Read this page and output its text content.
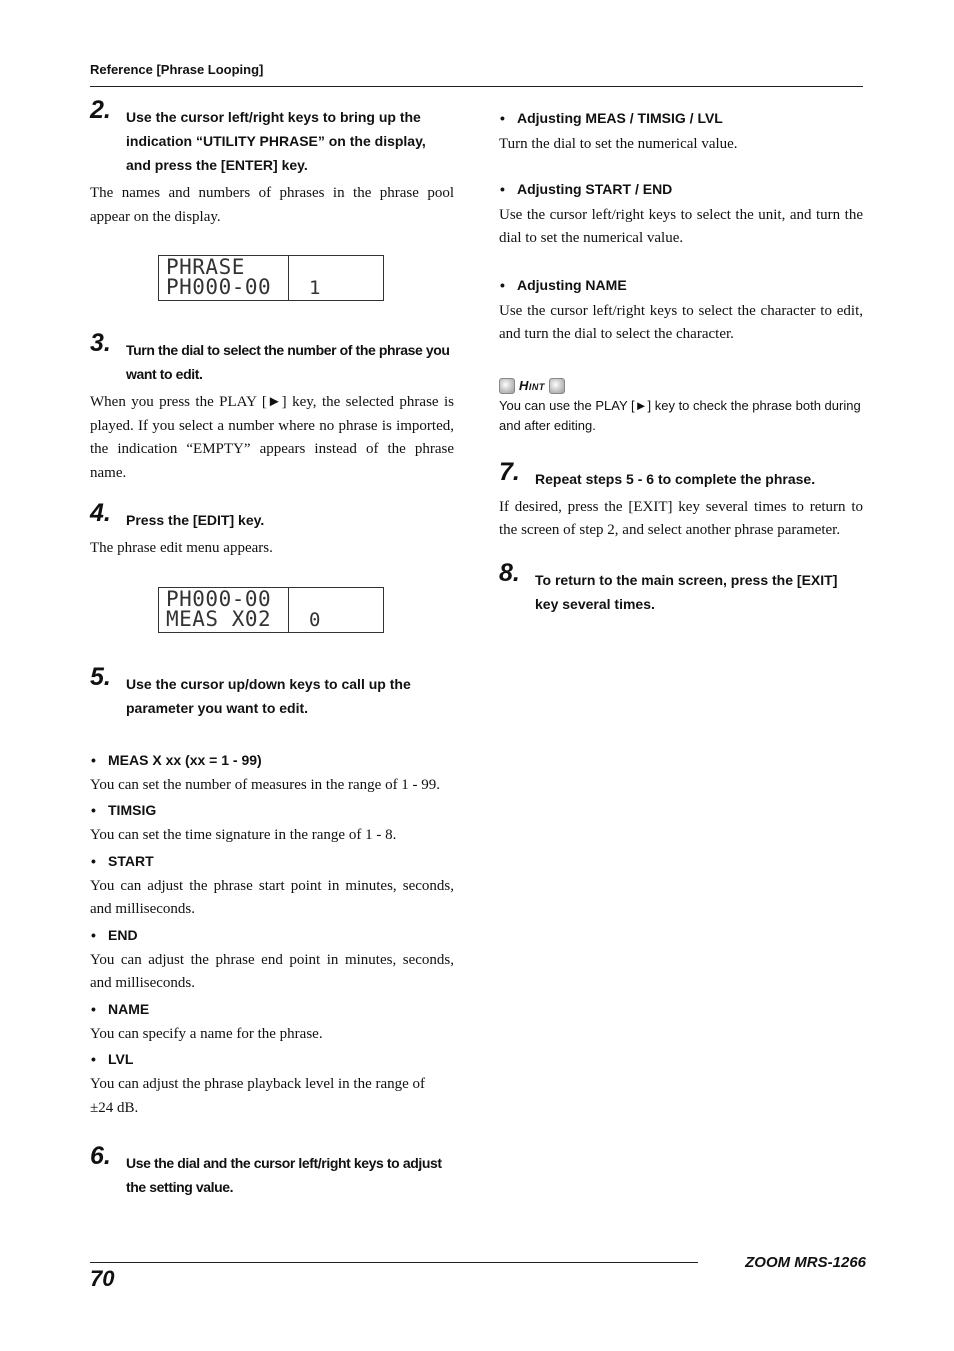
Reference [Phrase Looping]
2. Use the cursor left/right keys to bring up the indication “UTILITY PHRASE” on the display, and press the [ENTER] key.
The names and numbers of phrases in the phrase pool appear on the display.
PHRASE
PH000-00 1
3. Turn the dial to select the number of the phrase you want to edit.
When you press the PLAY [►] key, the selected phrase is played. If you select a number where no phrase is imported, the indication “EMPTY” appears instead of the phrase name.
4. Press the [EDIT] key.
The phrase edit menu appears.
PH000-00
MEAS X02 0
5. Use the cursor up/down keys to call up the parameter you want to edit.
• MEAS X xx (xx = 1 - 99)
You can set the number of measures in the range of 1 - 99.
• TIMSIG
You can set the time signature in the range of 1 - 8.
• START
You can adjust the phrase start point in minutes, seconds, and milliseconds.
• END
You can adjust the phrase end point in minutes, seconds, and milliseconds.
• NAME
You can specify a name for the phrase.
• LVL
You can adjust the phrase playback level in the range of ±24 dB.
6. Use the dial and the cursor left/right keys to adjust the setting value.
• Adjusting MEAS / TIMSIG / LVL
Turn the dial to set the numerical value.
• Adjusting START / END
Use the cursor left/right keys to select the unit, and turn the dial to set the numerical value.
• Adjusting NAME
Use the cursor left/right keys to select the character to edit, and turn the dial to select the character.
Hint
You can use the PLAY [►] key to check the phrase both during and after editing.
7. Repeat steps 5 - 6 to complete the phrase.
If desired, press the [EXIT] key several times to return to the screen of step 2, and select another phrase parameter.
8. To return to the main screen, press the [EXIT] key several times.
ZOOM MRS-1266
70
